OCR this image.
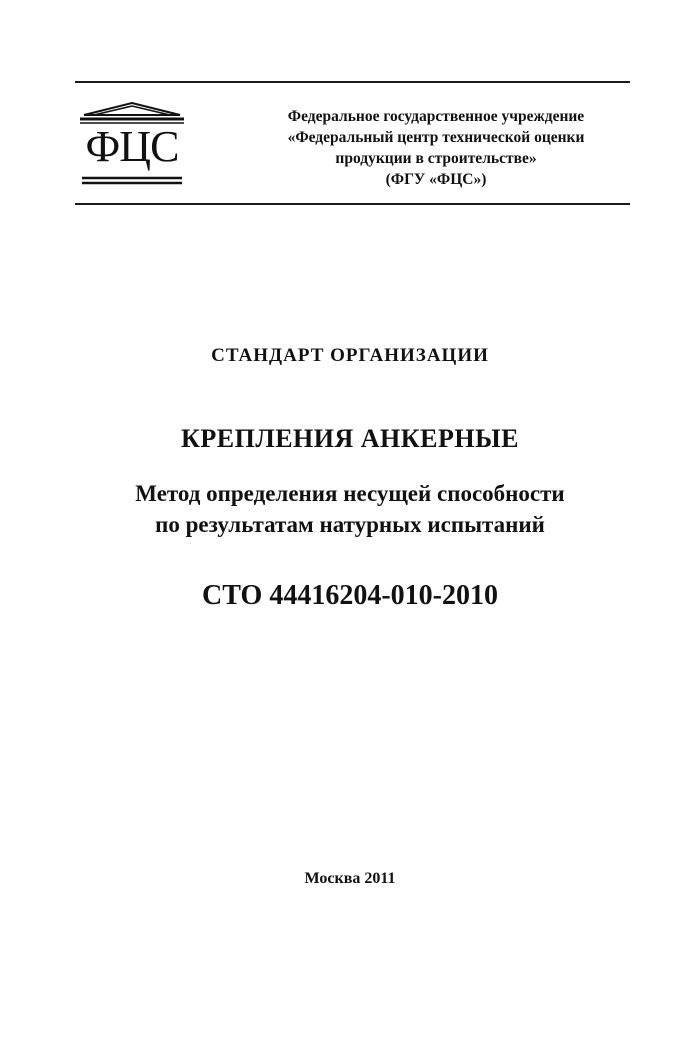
ФЦС
Федеральное государственное учреждение
«Федеральный центр технической оценки
продукции в строительстве»
(ФГУ «ФЦС»)
СТАНДАРТ ОРГАНИЗАЦИИ
КРЕПЛЕНИЯ АНКЕРНЫЕ
Метод определения несущей способности
по результатам натурных испытаний
СТО 44416204-010-2010
Москва 2011
